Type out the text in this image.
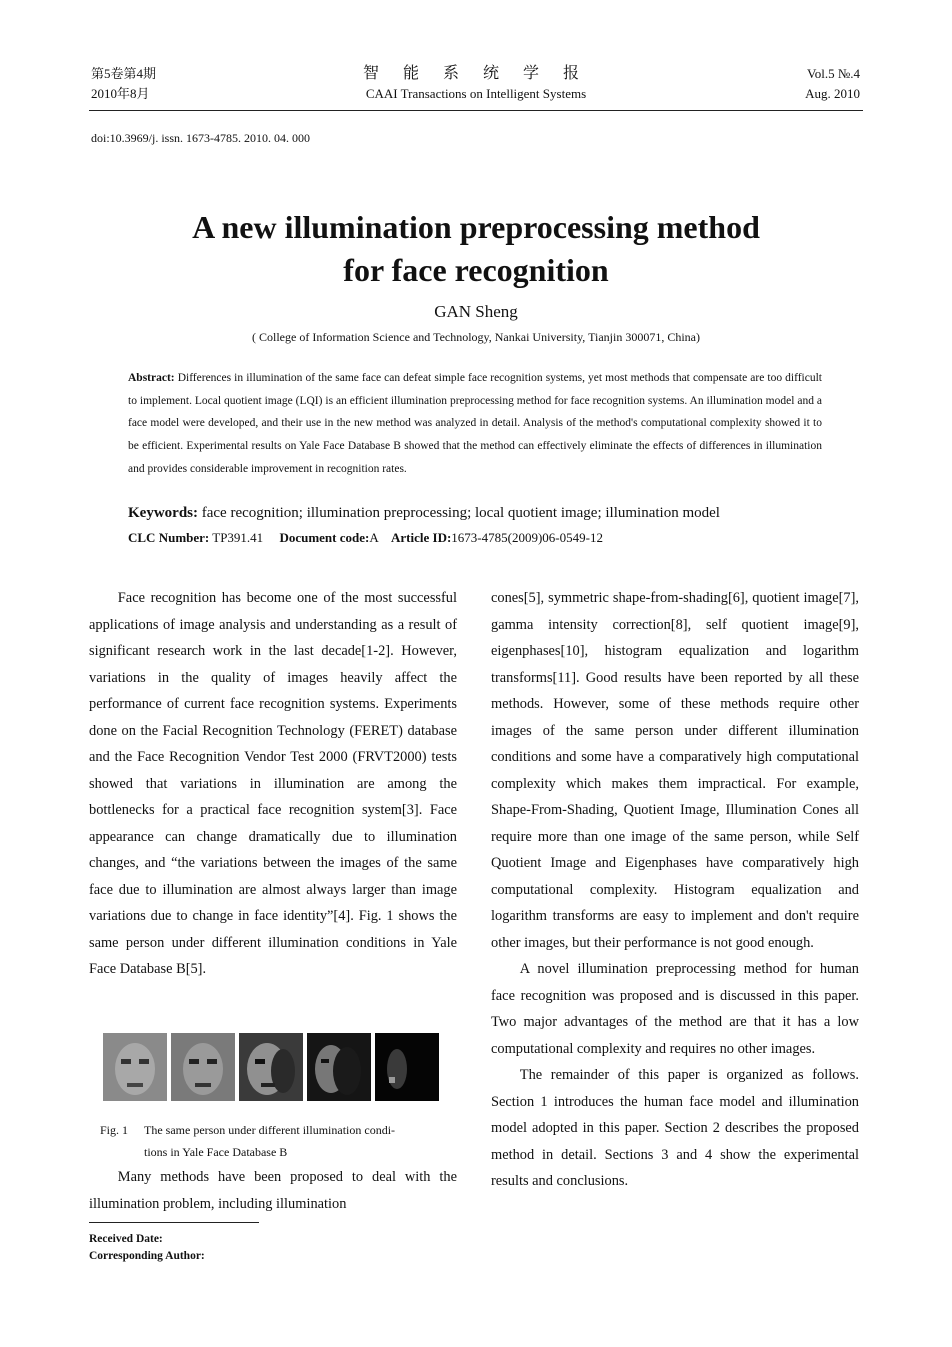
第5卷第4期
2010年8月
智 能 系 统 学 报
CAAI Transactions on Intelligent Systems
Vol.5 №.4
Aug. 2010
doi:10.3969/j. issn. 1673-4785. 2010. 04. 000
A new illumination preprocessing method
for face recognition
GAN Sheng
( College of Information Science and Technology, Nankai University, Tianjin 300071, China)
Abstract: Differences in illumination of the same face can defeat simple face recognition systems, yet most methods that compensate are too difficult to implement. Local quotient image (LQI) is an efficient illumination preprocessing method for face recognition systems. An illumination model and a face model were developed, and their use in the new method was analyzed in detail. Analysis of the method's computational complexity showed it to be efficient. Experimental results on Yale Face Database B showed that the method can effectively eliminate the effects of differences in illumination and provides considerable improvement in recognition rates.
Keywords: face recognition; illumination preprocessing; local quotient image; illumination model
CLC Number: TP391.41 Document code:A Article ID:1673-4785(2009)06-0549-12

Face recognition has become one of the most successful applications of image analysis and understanding as a result of significant research work in the last decade[1-2]. However, variations in the quality of images heavily affect the performance of current face recognition systems. Experiments done on the Facial Recognition Technology (FERET) database and the Face Recognition Vendor Test 2000 (FRVT2000) tests showed that variations in illumination are among the bottlenecks for a practical face recognition system[3]. Face appearance can change dramatically due to illumination changes, and “the variations between the images of the same face due to illumination are almost always larger than image variations due to change in face identity”[4]. Fig. 1 shows the same person under different illumination conditions in Yale Face Database B[5].

Fig. 1 The same person under different illumination condi-
tions in Yale Face Database B

Many methods have been proposed to deal with the illumination problem, including illumination

Received Date:
Corresponding Author:

cones[5], symmetric shape-from-shading[6], quotient image[7], gamma intensity correction[8], self quotient image[9], eigenphases[10], histogram equalization and logarithm transforms[11]. Good results have been reported by all these methods. However, some of these methods require other images of the same person under different illumination conditions and some have a comparatively high computational complexity which makes them impractical. For example, Shape-From-Shading, Quotient Image, Illumination Cones all require more than one image of the same person, while Self Quotient Image and Eigenphases have comparatively high computational complexity. Histogram equalization and logarithm transforms are easy to implement and don't require other images, but their performance is not good enough.

A novel illumination preprocessing method for human face recognition was proposed and is discussed in this paper. Two major advantages of the method are that it has a low computational complexity and requires no other images.

The remainder of this paper is organized as follows. Section 1 introduces the human face model and illumination model adopted in this paper. Section 2 describes the proposed method in detail. Sections 3 and 4 show the experimental results and conclusions.
